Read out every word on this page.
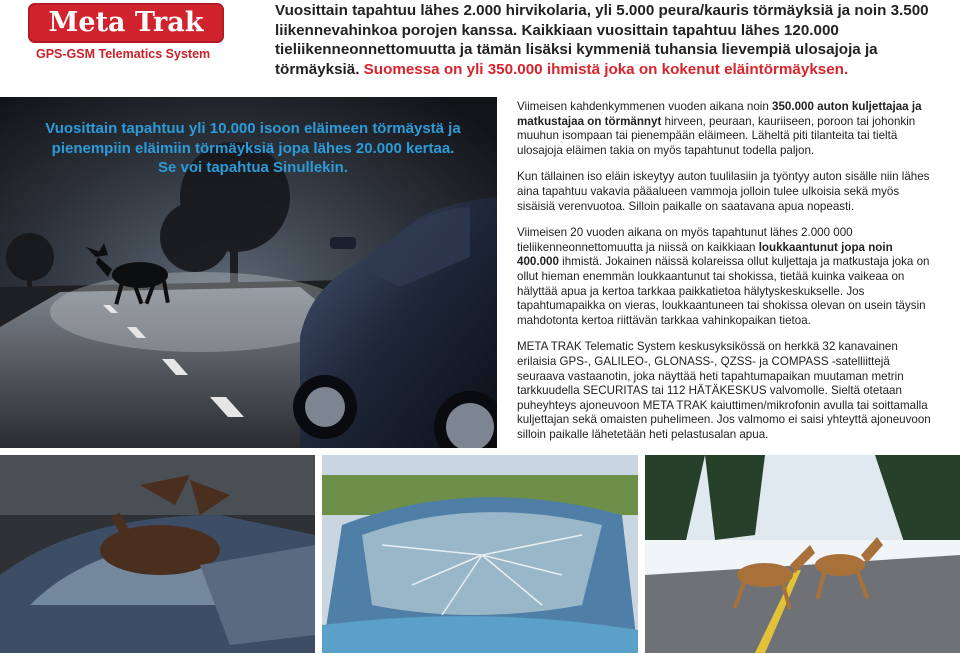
Meta Trak
GPS-GSM Telematics System
Vuosittain tapahtuu lähes 2.000 hirvikolaria, yli 5.000 peura/kauris törmäyksiä ja noin 3.500 liikennevahinkoa porojen kanssa. Kaikkiaan vuosittain tapahtuu lähes 120.000 tieliikenneonnettomuutta ja tämän lisäksi kymmeniä tuhansia lievempiä ulosajoja ja törmäyksiä. Suomessa on yli 350.000 ihmistä joka on kokenut eläintörmäyksen.
Vuosittain tapahtuu yli 10.000 isoon eläimeen törmäystä ja
pienempiin eläimiin törmäyksiä jopa lähes 20.000 kertaa.
Se voi tapahtua Sinullekin.

Viimeisen kahdenkymmenen vuoden aikana noin 350.000 auton kuljettajaa ja matkustajaa on törmännyt hirveen, peuraan, kauriiseen, poroon tai johonkin muuhun isompaan tai pienempään eläimeen. Läheltä piti tilanteita tai tieltä ulosajoja eläimen takia on myös tapahtunut todella paljon.

Kun tällainen iso eläin iskeytyy auton tuulilasiin ja työntyy auton sisälle niin lähes aina tapahtuu vakavia pääalueen vammoja jolloin tulee ulkoisia sekä myös sisäisiä verenvuotoa. Silloin paikalle on saatavana apua nopeasti.

Viimeisen 20 vuoden aikana on myös tapahtunut lähes 2.000 000 tieliikenneonnettomuutta ja niissä on kaikkiaan loukkaantunut jopa noin 400.000 ihmistä. Jokainen näissä kolareissa ollut kuljettaja ja matkustaja joka on ollut hieman enemmän loukkaantunut tai shokissa, tietää kuinka vaikeaa on hälyttää apua ja kertoa tarkkaa paikkatietoa hälytyskeskukselle. Jos tapahtumapaikka on vieras, loukkaantuneen tai shokissa olevan on usein täysin mahdotonta kertoa riittävän tarkkaa vahinkopaikan tietoa.

META TRAK Telematic System keskusyksikössä on herkkä 32 kanavainen erilaisia GPS-, GALILEO-, GLONASS-, QZSS- ja COMPASS -satelliittejä seuraava vastaanotin, joka näyttää heti tapahtumapaikan muutaman metrin tarkkuudella SECURITAS tai 112 HÄTÄKESKUS valvomolle. Sieltä otetaan puheyhteys ajoneuvoon META TRAK kaiuttimen/mikrofonin avulla tai soittamalla kuljettajan sekä omaisten puhelimeen. Jos valmomo ei saisi yhteyttä ajoneuvoon silloin paikalle lähetetään heti pelastusalan apua.
